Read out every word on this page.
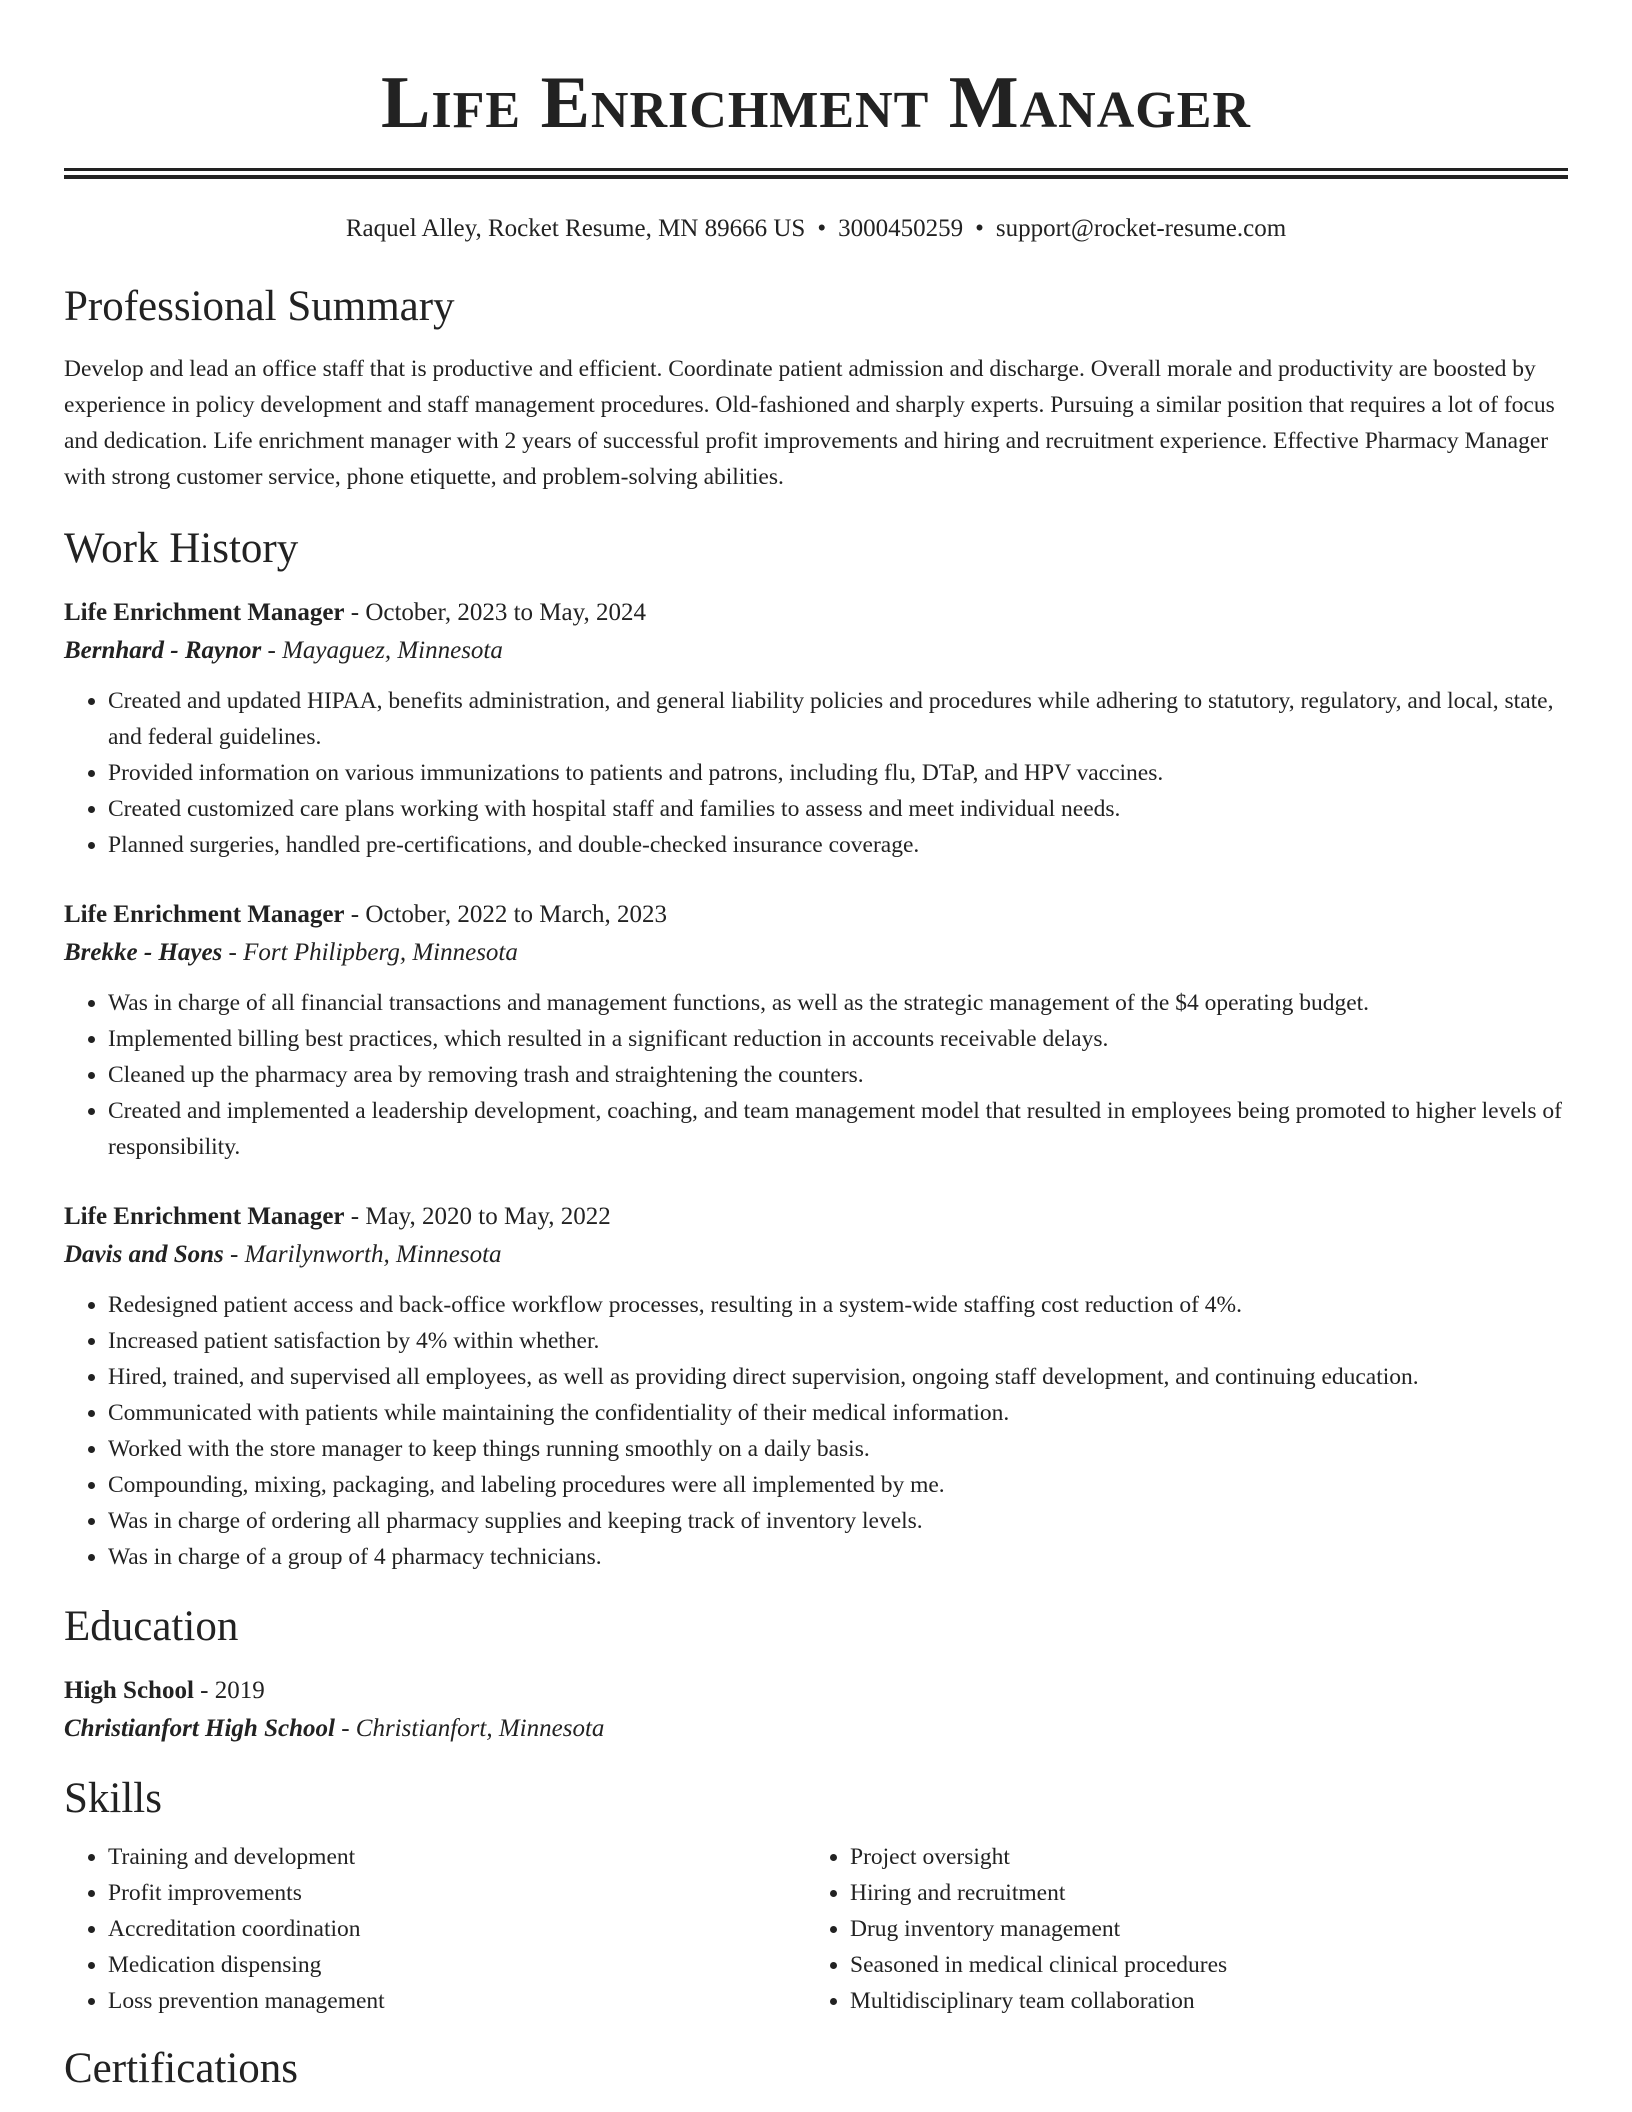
Life Enrichment Manager
Raquel Alley, Rocket Resume, MN 89666 US • 3000450259 • support@rocket-resume.com
Professional Summary
Develop and lead an office staff that is productive and efficient. Coordinate patient admission and discharge. Overall morale and productivity are boosted by experience in policy development and staff management procedures. Old-fashioned and sharply experts. Pursuing a similar position that requires a lot of focus and dedication. Life enrichment manager with 2 years of successful profit improvements and hiring and recruitment experience. Effective Pharmacy Manager with strong customer service, phone etiquette, and problem-solving abilities.
Work History
Life Enrichment Manager - October, 2023 to May, 2024
Bernhard - Raynor - Mayaguez, Minnesota
• Created and updated HIPAA, benefits administration, and general liability policies and procedures while adhering to statutory, regulatory, and local, state, and federal guidelines.
• Provided information on various immunizations to patients and patrons, including flu, DTaP, and HPV vaccines.
• Created customized care plans working with hospital staff and families to assess and meet individual needs.
• Planned surgeries, handled pre-certifications, and double-checked insurance coverage.
Life Enrichment Manager - October, 2022 to March, 2023
Brekke - Hayes - Fort Philipberg, Minnesota
• Was in charge of all financial transactions and management functions, as well as the strategic management of the $4 operating budget.
• Implemented billing best practices, which resulted in a significant reduction in accounts receivable delays.
• Cleaned up the pharmacy area by removing trash and straightening the counters.
• Created and implemented a leadership development, coaching, and team management model that resulted in employees being promoted to higher levels of responsibility.
Life Enrichment Manager - May, 2020 to May, 2022
Davis and Sons - Marilynworth, Minnesota
• Redesigned patient access and back-office workflow processes, resulting in a system-wide staffing cost reduction of 4%.
• Increased patient satisfaction by 4% within whether.
• Hired, trained, and supervised all employees, as well as providing direct supervision, ongoing staff development, and continuing education.
• Communicated with patients while maintaining the confidentiality of their medical information.
• Worked with the store manager to keep things running smoothly on a daily basis.
• Compounding, mixing, packaging, and labeling procedures were all implemented by me.
• Was in charge of ordering all pharmacy supplies and keeping track of inventory levels.
• Was in charge of a group of 4 pharmacy technicians.
Education
High School - 2019
Christianfort High School - Christianfort, Minnesota
Skills
• Training and development
• Profit improvements
• Accreditation coordination
• Medication dispensing
• Loss prevention management
• Project oversight
• Hiring and recruitment
• Drug inventory management
• Seasoned in medical clinical procedures
• Multidisciplinary team collaboration
Certifications
